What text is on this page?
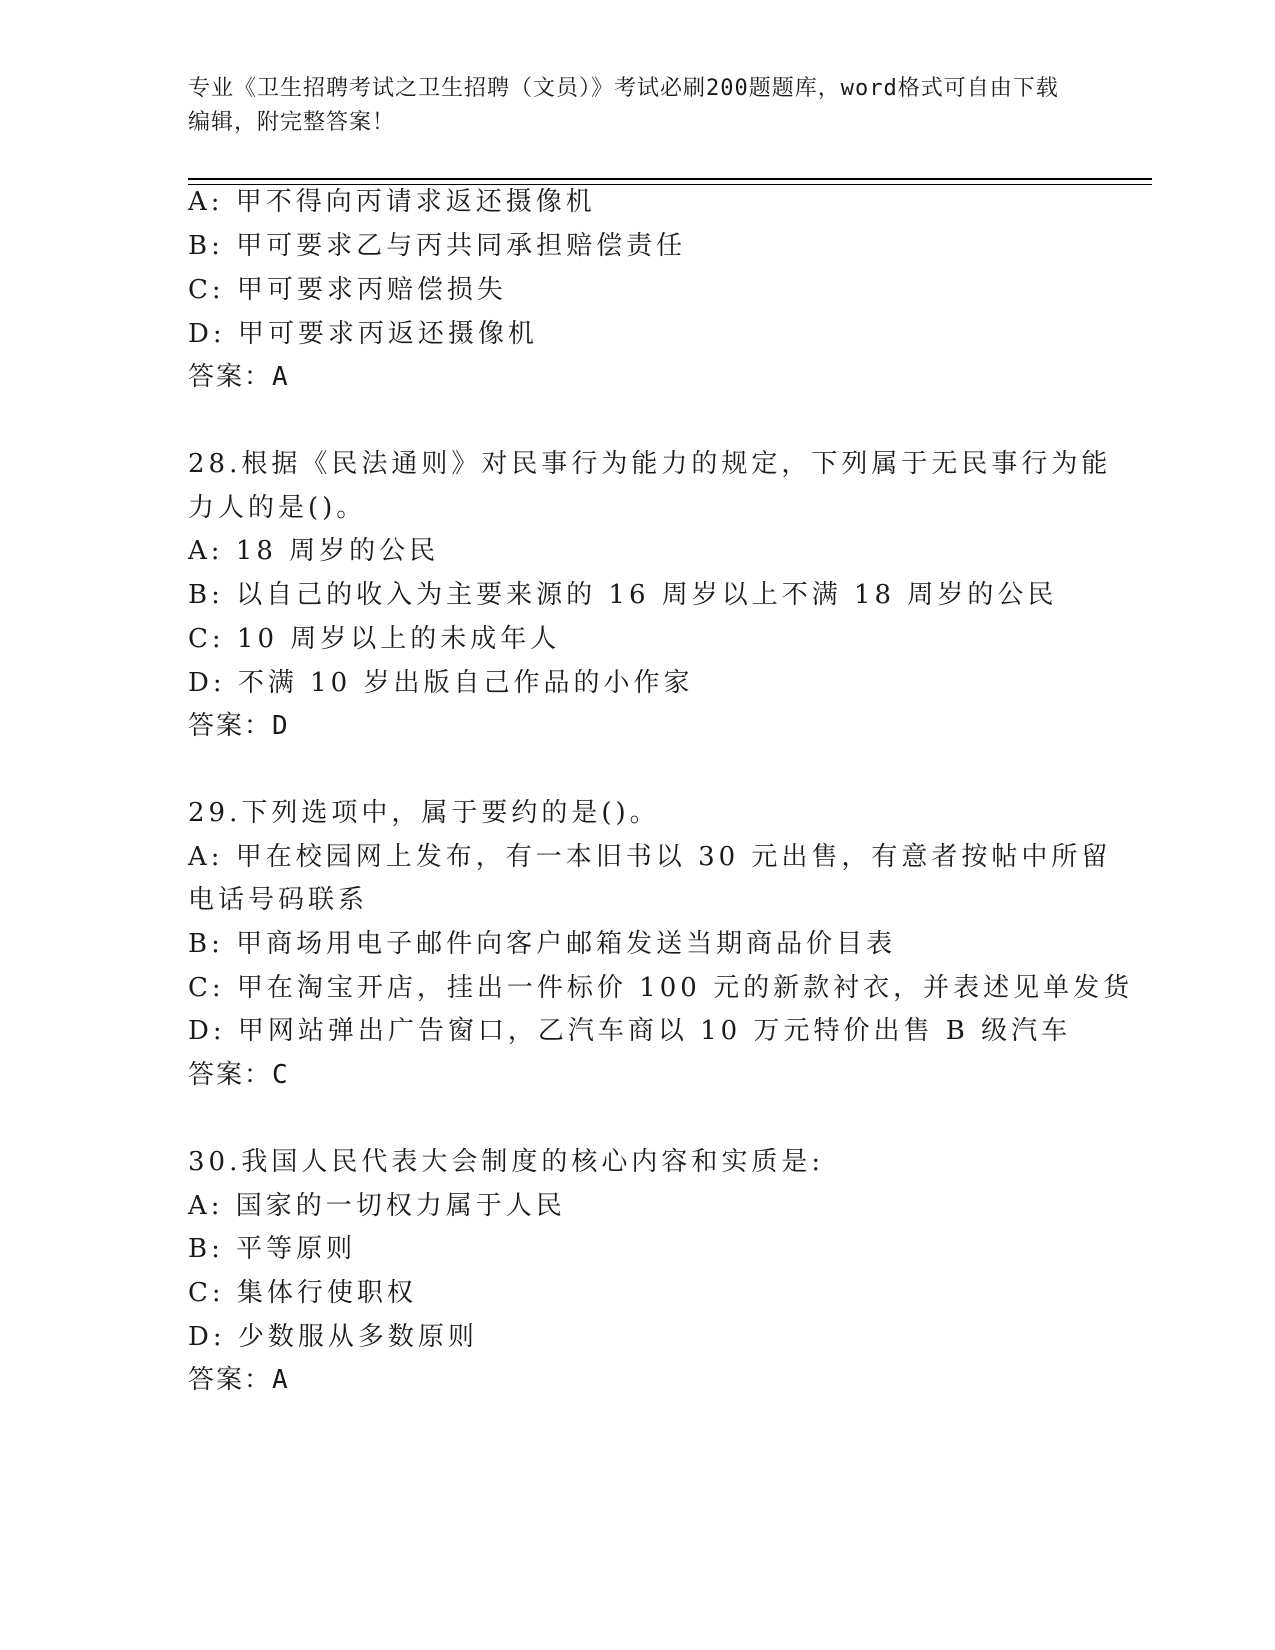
专业《卫生招聘考试之卫生招聘（文员）》考试必刷200题题库，word格式可自由下载编辑，附完整答案！
A: 甲不得向丙请求返还摄像机
B: 甲可要求乙与丙共同承担赔偿责任
C: 甲可要求丙赔偿损失
D: 甲可要求丙返还摄像机
答案：A
28.根据《民法通则》对民事行为能力的规定，下列属于无民事行为能
力人的是()。
A: 18 周岁的公民
B: 以自己的收入为主要来源的 16 周岁以上不满 18 周岁的公民
C: 10 周岁以上的未成年人
D: 不满 10 岁出版自己作品的小作家
答案：D
29.下列选项中，属于要约的是()。
A: 甲在校园网上发布，有一本旧书以 30 元出售，有意者按帖中所留
电话号码联系
B: 甲商场用电子邮件向客户邮箱发送当期商品价目表
C: 甲在淘宝开店，挂出一件标价 100 元的新款衬衣，并表述见单发货
D: 甲网站弹出广告窗口，乙汽车商以 10 万元特价出售 B 级汽车
答案：C
30.我国人民代表大会制度的核心内容和实质是:
A: 国家的一切权力属于人民
B: 平等原则
C: 集体行使职权
D: 少数服从多数原则
答案：A
